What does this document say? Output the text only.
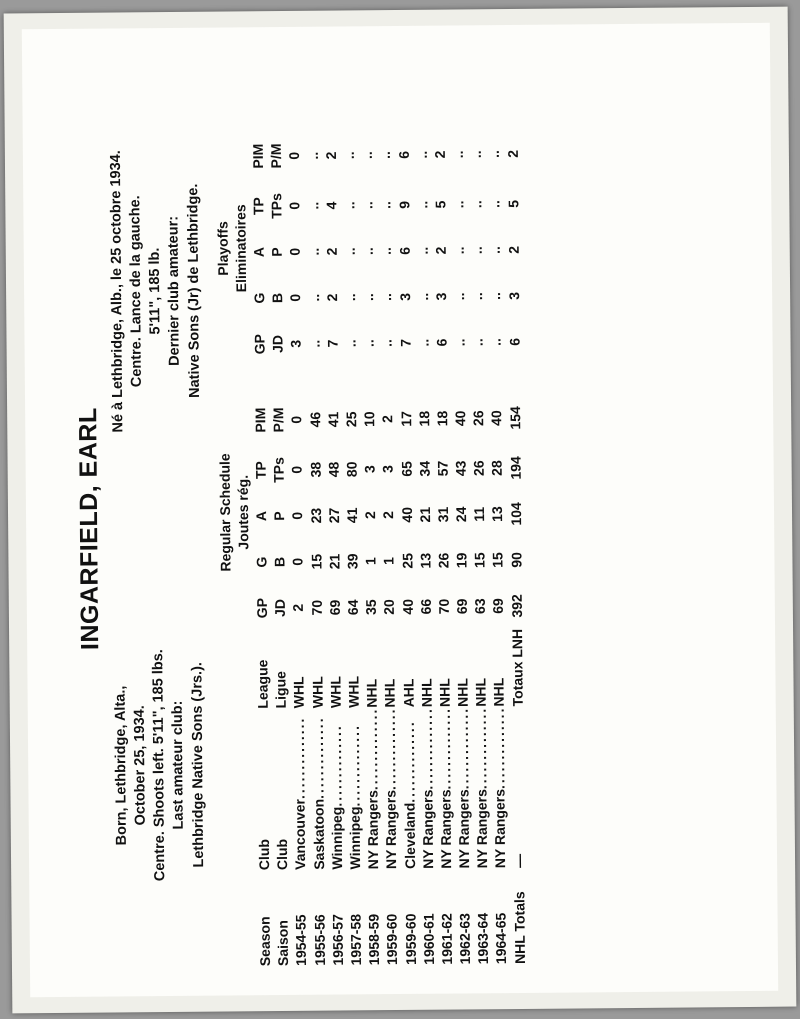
INGARFIELD, EARL
Born, Lethbridge, Alta., October 25, 1934. Centre. Shoots left. 5'11", 185 lbs. Last amateur club: Lethbridge Native Sons (Jrs.).
Né à Lethbridge, Alb., le 25 octobre 1934. Centre. Lance de la gauche. 5'11", 185 lb. Dernier club amateur: Native Sons (Jr) de Lethbridge.
			Regular Schedule						Playoffs				
			Joutes rég.						Eliminatoires				
Season	Club	League	GP	G	A	TP	PIM		GP	G	A	TP	PIM
Saison	Club	Ligue	JD	B	P	TPs	P/M		JD	B	P	TPs	P/M
1954-55	Vancouver..............	WHL	2	0	0	0	0		3	0	0	0	0
1955-56	Saskatoon..............	WHL	70	15	23	38	46		..	..	..	..	..
1956-57	Winnipeg..............	WHL	69	21	27	48	41		7	2	2	4	2
1957-58	Winnipeg..............	WHL	64	39	41	80	25		..	..	..	..	..
1958-59	NY Rangers..............	NHL	35	1	2	3	10		..	..	..	..	..
1959-60	NY Rangers..............	NHL	20	1	2	3	2		..	..	..	..	..
1959-60	Cleveland..............	AHL	40	25	40	65	17		7	3	6	9	6
1960-61	NY Rangers..............	NHL	66	13	21	34	18		..	..	..	..	..
1961-62	NY Rangers..............	NHL	70	26	31	57	18		6	3	2	5	2
1962-63	NY Rangers..............	NHL	69	19	24	43	40		..	..	..	..	..
1963-64	NY Rangers..............	NHL	63	15	11	26	26		..	..	..	..	..
1964-65	NY Rangers..............	NHL	69	15	13	28	40		..	..	..	..	..
NHL Totals	—	Totaux LNH	392	90	104	194	154		6	3	2	5	2
